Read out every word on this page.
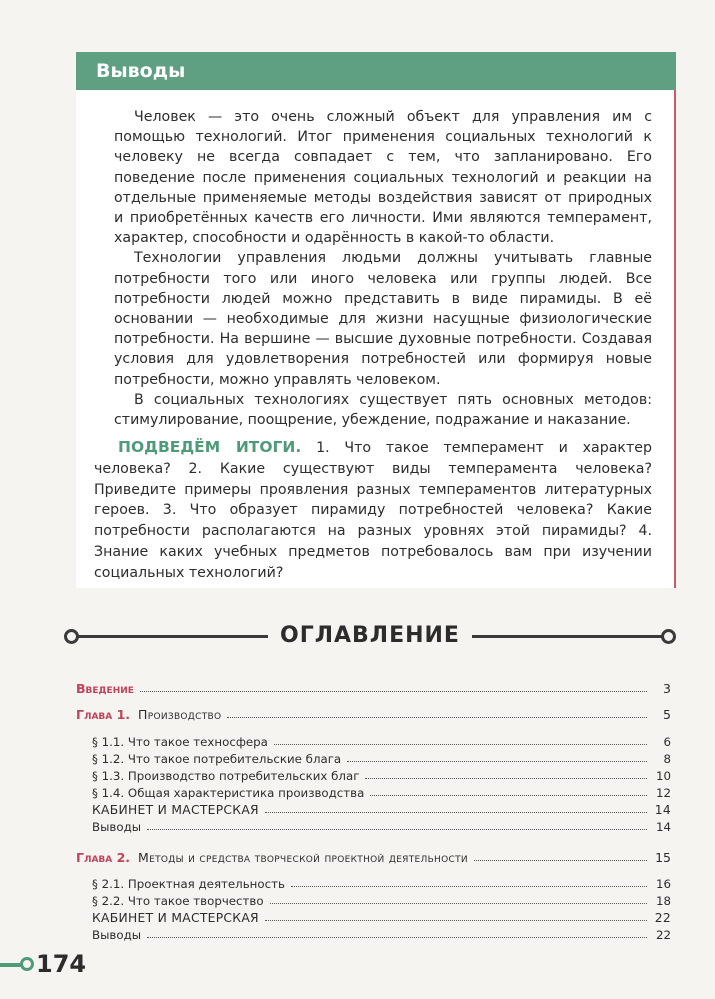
Выводы

Человек — это очень сложный объект для управления им с помощью технологий. Итог применения социальных технологий к человеку не всегда совпадает с тем, что запланировано. Его поведение после применения социальных технологий и реакции на отдельные применяемые методы воздействия зависят от природных и приобретённых качеств его личности. Ими являются темперамент, характер, способности и одарённость в какой-то области.

Технологии управления людьми должны учитывать главные потребности того или иного человека или группы людей. Все потребности людей можно представить в виде пирамиды. В её основании — необходимые для жизни насущные физиологические потребности. На вершине — высшие духовные потребности. Создавая условия для удовлетворения потребностей или формируя новые потребности, можно управлять человеком.

В социальных технологиях существует пять основных методов: стимулирование, поощрение, убеждение, подражание и наказание.

ПОДВЕДЁМ ИТОГИ. 1. Что такое темперамент и характер человека? 2. Какие существуют виды темперамента человека? Приведите примеры проявления разных темпераментов литературных героев. 3. Что образует пирамиду потребностей человека? Какие потребности располагаются на разных уровнях этой пирамиды? 4. Знание каких учебных предметов потребовалось вам при изучении социальных технологий?
ОГЛАВЛЕНИЕ
Введение	3
Глава 1. Производство	5
§ 1.1. Что такое техносфера	6
§ 1.2. Что такое потребительские блага	8
§ 1.3. Производство потребительских благ	10
§ 1.4. Общая характеристика производства	12
КАБИНЕТ И МАСТЕРСКАЯ	14
Выводы	14
Глава 2. Методы и средства творческой проектной деятельности	15
§ 2.1. Проектная деятельность	16
§ 2.2. Что такое творчество	18
КАБИНЕТ И МАСТЕРСКАЯ	22
Выводы	22
174
